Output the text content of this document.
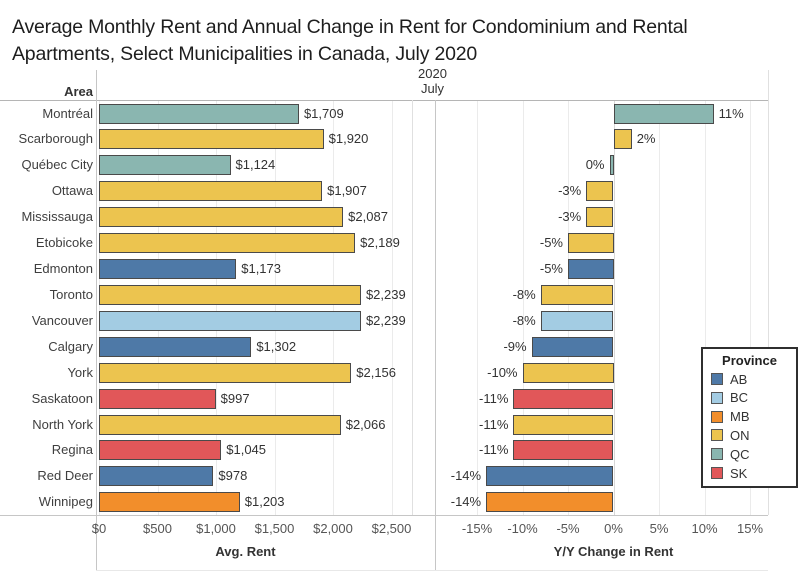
Average Monthly Rent and Annual Change in Rent for Condominium and Rental
Apartments, Select Municipalities in Canada, July 2020
2020
July
Area
$0	$500	$1,000	$1,500	$2,000	$2,500	-15%	-10%	-5%	0%	5%	10%	15%
Montréal	$1,709	11%
Scarborough	$1,920	2%
Québec City	$1,124	0%
Ottawa	$1,907	-3%
Mississauga	$2,087	-3%
Etobicoke	$2,189	-5%
Edmonton	$1,173	-5%
Toronto	$2,239	-8%
Vancouver	$2,239	-8%
Calgary	$1,302	-9%
York	$2,156	-10%
Saskatoon	$997	-11%
North York	$2,066	-11%
Regina	$1,045	-11%
Red Deer	$978	-14%
Winnipeg	$1,203	-14%
Avg. Rent	Y/Y Change in Rent
Province
AB
BC
MB
ON
QC
SK
